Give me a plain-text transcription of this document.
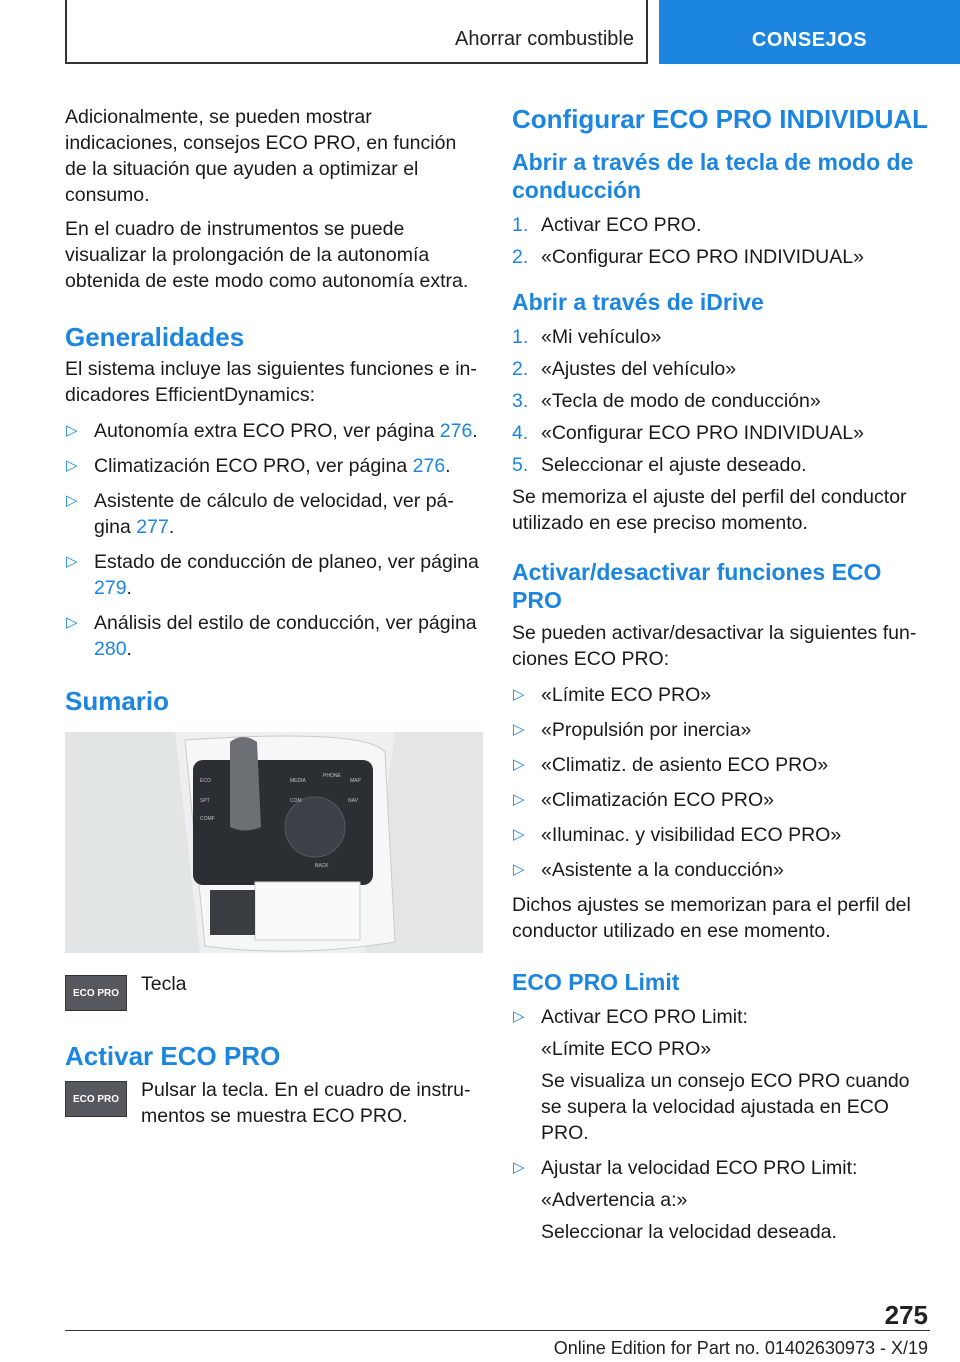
Ahorrar combustible	CONSEJOS

Adicionalmente, se pueden mostrar indicaciones, consejos ECO PRO, en función de la situación que ayuden a optimizar el consumo.

En el cuadro de instrumentos se puede visualizar la prolongación de la autonomía obtenida de este modo como autonomía extra.

Generalidades

El sistema incluye las siguientes funciones e indicadores EfficientDynamics:

▷ Autonomía extra ECO PRO, ver página 276.
▷ Climatización ECO PRO, ver página 276.
▷ Asistente de cálculo de velocidad, ver página 277.
▷ Estado de conducción de planeo, ver página 279.
▷ Análisis del estilo de conducción, ver página 280.
Sumario
ECO
SPT
COMF
MEDIA
PHONE
MAP
COM	NAV
BACK
ECO PRO	Tecla
Activar ECO PRO
ECO PRO	Pulsar la tecla. En el cuadro de instrumentos se muestra ECO PRO.
Configurar ECO PRO INDIVIDUAL
Abrir a través de la tecla de modo de conducción
1. Activar ECO PRO.
2. «Configurar ECO PRO INDIVIDUAL»
Abrir a través de iDrive
1. «Mi vehículo»
2. «Ajustes del vehículo»
3. «Tecla de modo de conducción»
4. «Configurar ECO PRO INDIVIDUAL»
5. Seleccionar el ajuste deseado.

Se memoriza el ajuste del perfil del conductor utilizado en ese preciso momento.

Activar/desactivar funciones ECO PRO

Se pueden activar/desactivar la siguientes funciones ECO PRO:

▷ «Límite ECO PRO»
▷ «Propulsión por inercia»
▷ «Climatiz. de asiento ECO PRO»
▷ «Climatización ECO PRO»
▷ «Iluminac. y visibilidad ECO PRO»
▷ «Asistente a la conducción»

Dichos ajustes se memorizan para el perfil del conductor utilizado en ese momento.

ECO PRO Limit
▷ Activar ECO PRO Limit:
«Límite ECO PRO»
Se visualiza un consejo ECO PRO cuando se supera la velocidad ajustada en ECO PRO.
▷ Ajustar la velocidad ECO PRO Limit:
«Advertencia a:»
Seleccionar la velocidad deseada.
275
Online Edition for Part no. 01402630973 - X/19
